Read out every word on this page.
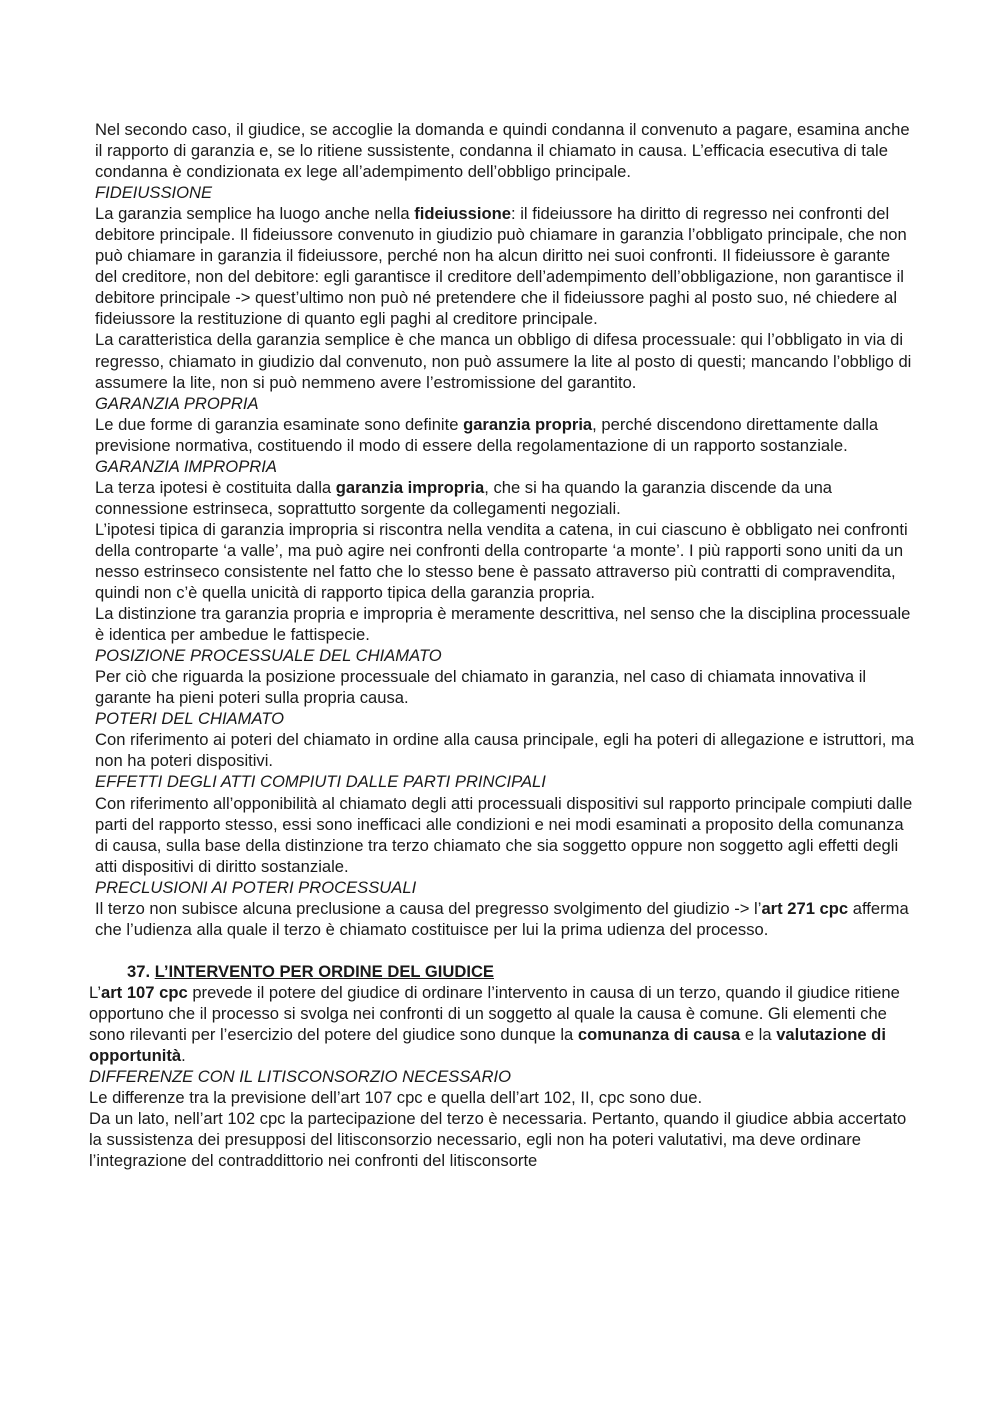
Nel secondo caso, il giudice, se accoglie la domanda e quindi condanna il convenuto a pagare, esamina anche il rapporto di garanzia e, se lo ritiene sussistente, condanna il chiamato in causa. L’efficacia esecutiva di tale condanna è condizionata ex lege all’adempimento dell’obbligo principale.

FIDEIUSSIONE

La garanzia semplice ha luogo anche nella fideiussione: il fideiussore ha diritto di regresso nei confronti del debitore principale. Il fideiussore convenuto in giudizio può chiamare in garanzia l’obbligato principale, che non può chiamare in garanzia il fideiussore, perché non ha alcun diritto nei suoi confronti. Il fideiussore è garante del creditore, non del debitore: egli garantisce il creditore dell’adempimento dell’obbligazione, non garantisce il debitore principale -> quest’ultimo non può né pretendere che il fideiussore paghi al posto suo, né chiedere al fideiussore la restituzione di quanto egli paghi al creditore principale.

La caratteristica della garanzia semplice è che manca un obbligo di difesa processuale: qui l’obbligato in via di regresso, chiamato in giudizio dal convenuto, non può assumere la lite al posto di questi; mancando l’obbligo di assumere la lite, non si può nemmeno avere l’estromissione del garantito.

GARANZIA PROPRIA

Le due forme di garanzia esaminate sono definite garanzia propria, perché discendono direttamente dalla previsione normativa, costituendo il modo di essere della regolamentazione di un rapporto sostanziale.

GARANZIA IMPROPRIA

La terza ipotesi è costituita dalla garanzia impropria, che si ha quando la garanzia discende da una connessione estrinseca, soprattutto sorgente da collegamenti negoziali.

L’ipotesi tipica di garanzia impropria si riscontra nella vendita a catena, in cui ciascuno è obbligato nei confronti della controparte ‘a valle’, ma può agire nei confronti della controparte ‘a monte’. I più rapporti sono uniti da un nesso estrinseco consistente nel fatto che lo stesso bene è passato attraverso più contratti di compravendita, quindi non c’è quella unicità di rapporto tipica della garanzia propria.

La distinzione tra garanzia propria e impropria è meramente descrittiva, nel senso che la disciplina processuale è identica per ambedue le fattispecie.

POSIZIONE PROCESSUALE DEL CHIAMATO

Per ciò che riguarda la posizione processuale del chiamato in garanzia, nel caso di chiamata innovativa il garante ha pieni poteri sulla propria causa.

POTERI DEL CHIAMATO

Con riferimento ai poteri del chiamato in ordine alla causa principale, egli ha poteri di allegazione e istruttori, ma non ha poteri dispositivi.

EFFETTI DEGLI ATTI COMPIUTI DALLE PARTI PRINCIPALI

Con riferimento all’opponibilità al chiamato degli atti processuali dispositivi sul rapporto principale compiuti dalle parti del rapporto stesso, essi sono inefficaci alle condizioni e nei modi esaminati a proposito della comunanza di causa, sulla base della distinzione tra terzo chiamato che sia soggetto oppure non soggetto agli effetti degli atti dispositivi di diritto sostanziale.

PRECLUSIONI AI POTERI PROCESSUALI

Il terzo non subisce alcuna preclusione a causa del pregresso svolgimento del giudizio -> l’art 271 cpc afferma che l’udienza alla quale il terzo è chiamato costituisce per lui la prima udienza del processo.

37. L’INTERVENTO PER ORDINE DEL GIUDICE

L’art 107 cpc prevede il potere del giudice di ordinare l’intervento in causa di un terzo, quando il giudice ritiene opportuno che il processo si svolga nei confronti di un soggetto al quale la causa è comune. Gli elementi che sono rilevanti per l’esercizio del potere del giudice sono dunque la comunanza di causa e la valutazione di opportunità.

DIFFERENZE CON IL LITISCONSORZIO NECESSARIO

Le differenze tra la previsione dell’art 107 cpc e quella dell’art 102, II, cpc sono due.

Da un lato, nell’art 102 cpc la partecipazione del terzo è necessaria. Pertanto, quando il giudice abbia accertato la sussistenza dei presupposi del litisconsorzio necessario, egli non ha poteri valutativi, ma deve ordinare l’integrazione del contraddittorio nei confronti del litisconsorte
